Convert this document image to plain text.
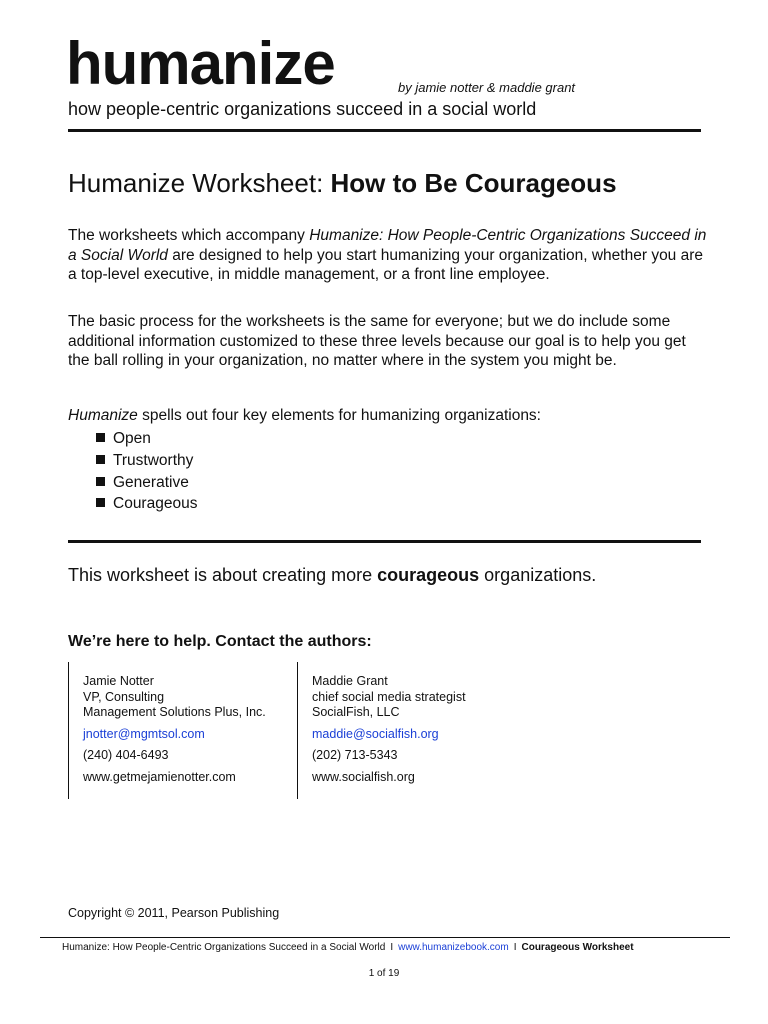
humanize	by jamie notter & maddie grant
how people-centric organizations succeed in a social world
Humanize Worksheet: How to Be Courageous
The worksheets which accompany Humanize: How People-Centric Organizations Succeed in a Social World are designed to help you start humanizing your organization, whether you are a top-level executive, in middle management, or a front line employee.
The basic process for the worksheets is the same for everyone; but we do include some additional information customized to these three levels because our goal is to help you get the ball rolling in your organization, no matter where in the system you might be.
Humanize spells out four key elements for humanizing organizations:
Open
Trustworthy
Generative
Courageous
This worksheet is about creating more courageous organizations.
We’re here to help. Contact the authors:
Jamie Notter
VP, Consulting
Management Solutions Plus, Inc.
jnotter@mgmtsol.com
(240) 404-6493
www.getmejamienotter.com
Maddie Grant
chief social media strategist
SocialFish, LLC
maddie@socialfish.org
(202) 713-5343
www.socialfish.org
Copyright © 2011, Pearson Publishing
Humanize: How People-Centric Organizations Succeed in a Social World I www.humanizebook.com I Courageous Worksheet
1 of 19
